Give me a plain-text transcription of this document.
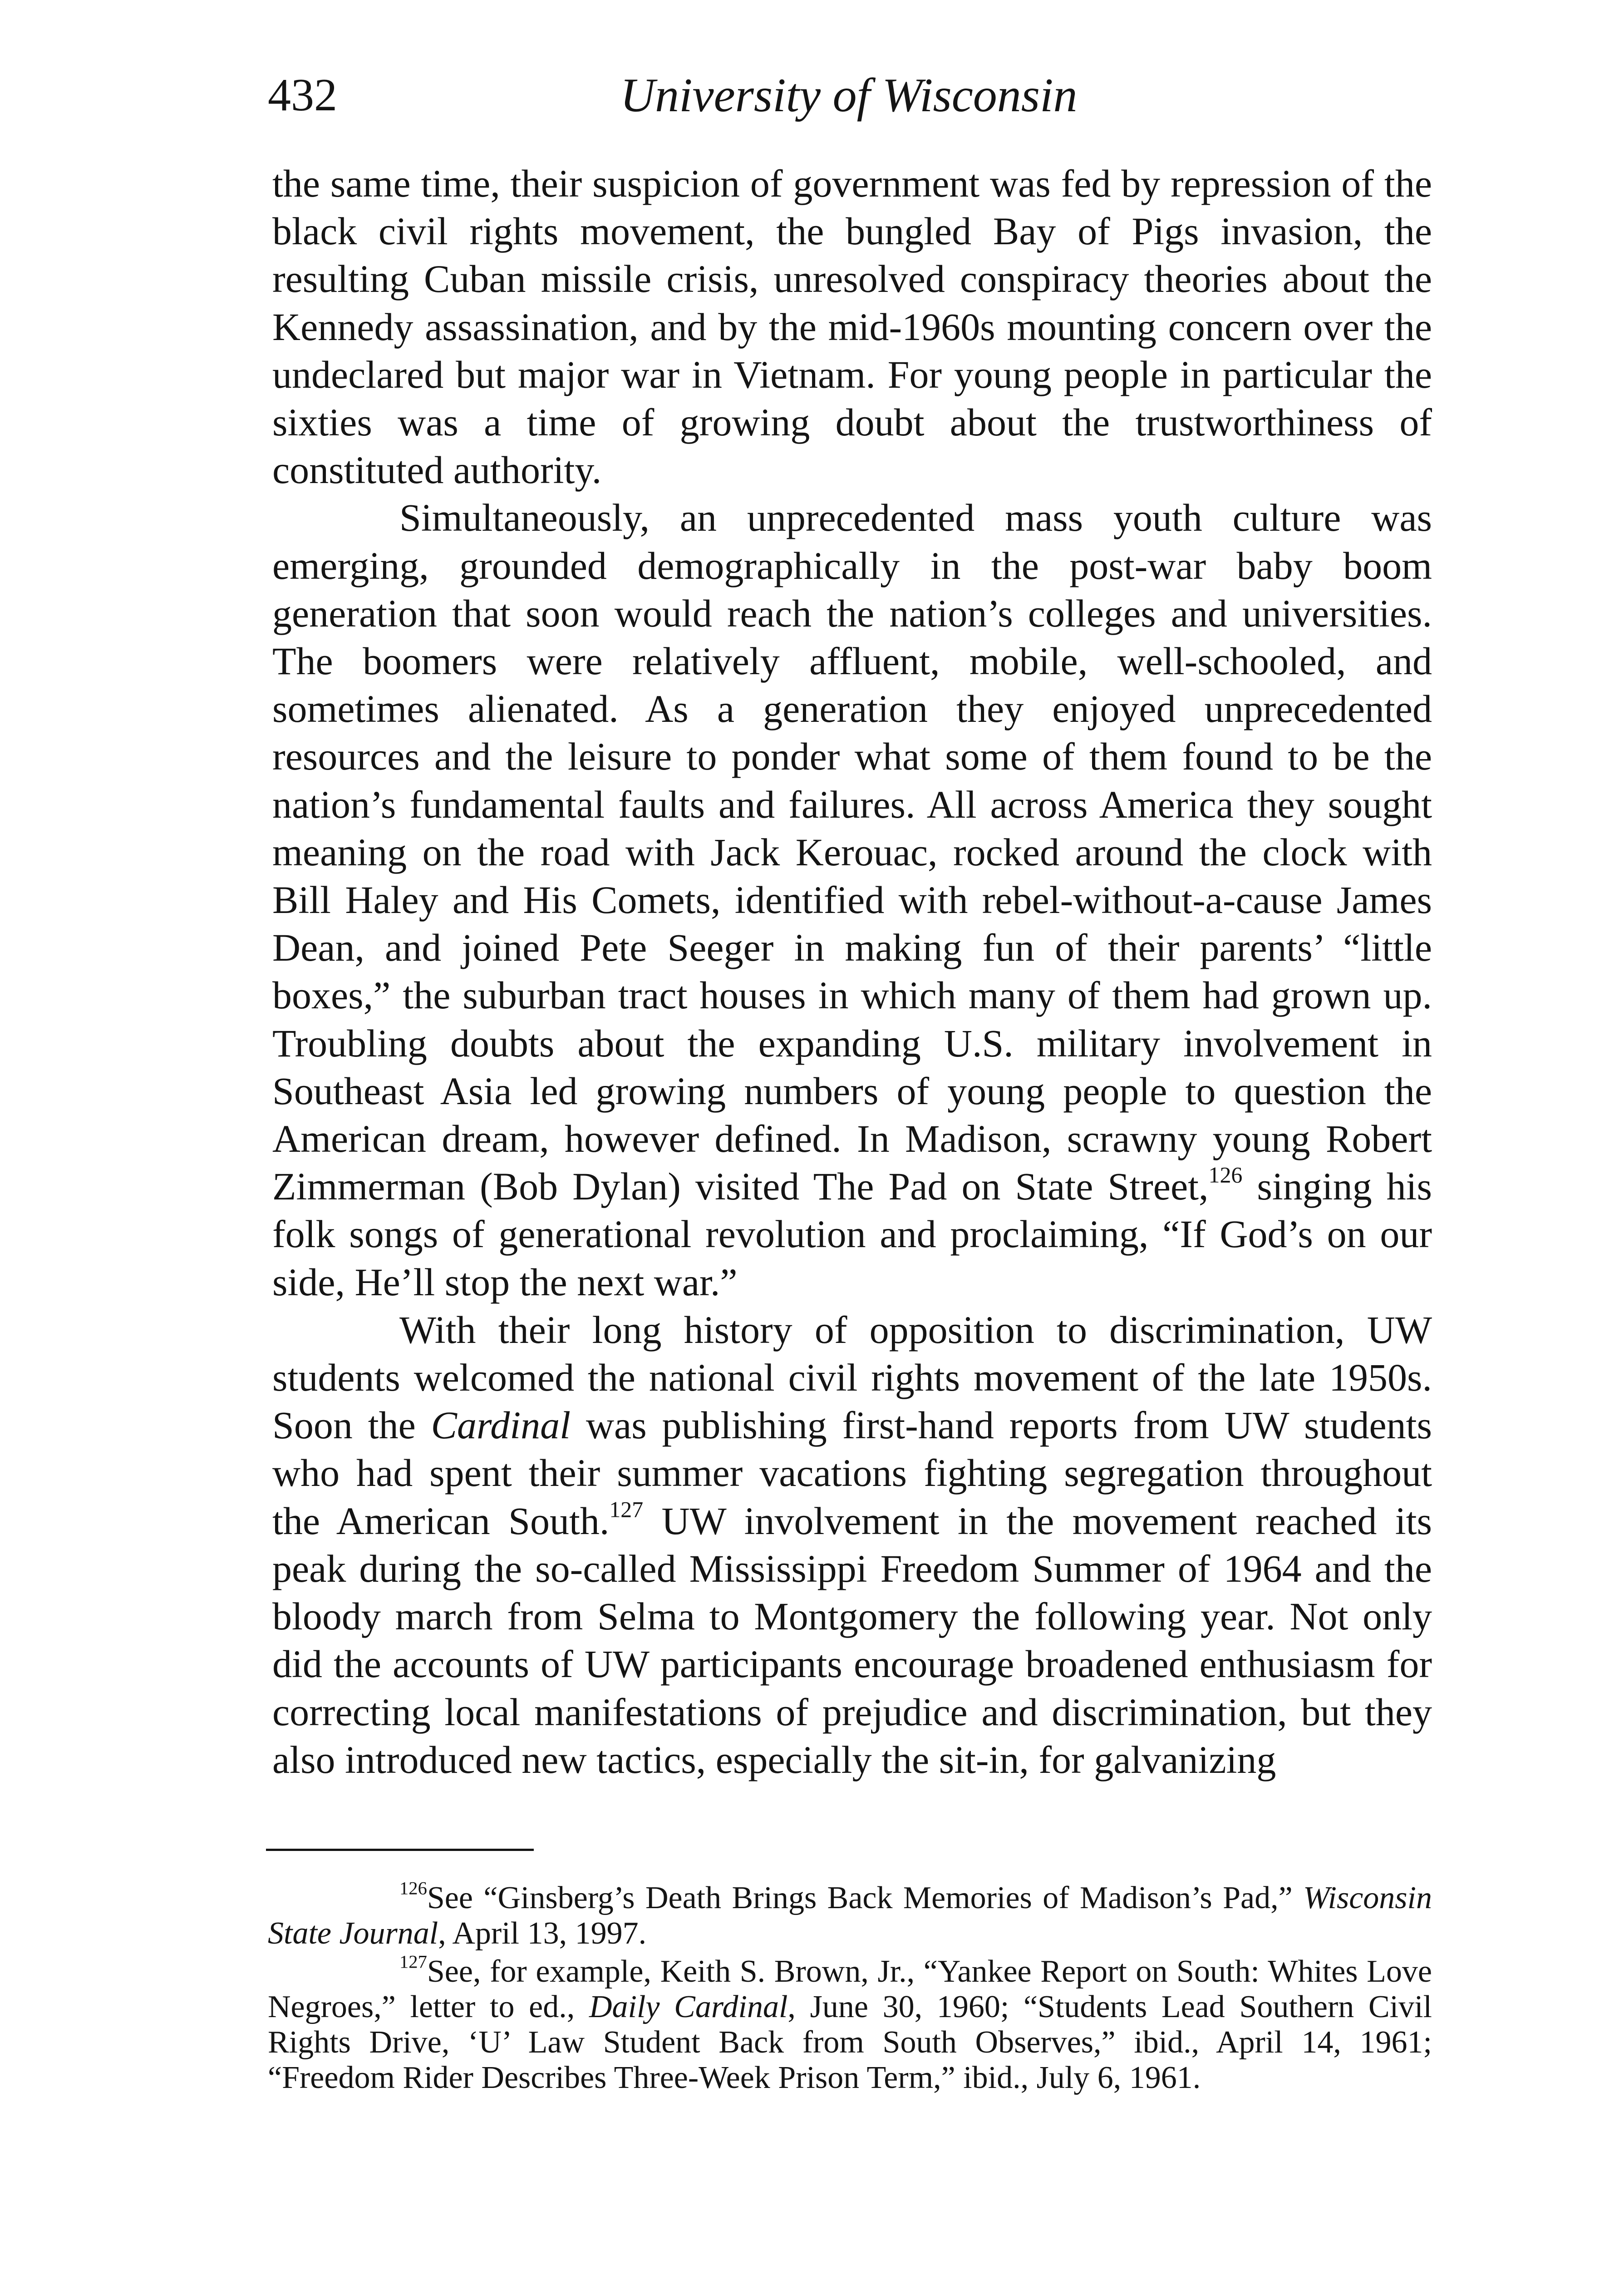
432	University of Wisconsin

the same time, their suspicion of government was fed by repression of the black civil rights movement, the bungled Bay of Pigs invasion, the resulting Cuban missile crisis, unresolved conspiracy theories about the Kennedy assassination, and by the mid-1960s mounting concern over the undeclared but major war in Vietnam. For young people in particular the sixties was a time of growing doubt about the trustworthiness of constituted authority.

Simultaneously, an unprecedented mass youth culture was emerging, grounded demographically in the post-war baby boom generation that soon would reach the nation’s colleges and universities. The boomers were relatively affluent, mobile, well-schooled, and sometimes alienated. As a generation they enjoyed unprecedented resources and the leisure to ponder what some of them found to be the nation’s fundamental faults and failures. All across America they sought meaning on the road with Jack Kerouac, rocked around the clock with Bill Haley and His Comets, identified with rebel-without-a-cause James Dean, and joined Pete Seeger in making fun of their parents’ “little boxes,” the suburban tract houses in which many of them had grown up. Troubling doubts about the expanding U.S. military involvement in Southeast Asia led growing numbers of young people to question the American dream, however defined. In Madison, scrawny young Robert Zimmerman (Bob Dylan) visited The Pad on State Street,$^{126}$ singing his folk songs of generational revolution and proclaiming, “If God’s on our side, He’ll stop the next war.”

With their long history of opposition to discrimination, UW students welcomed the national civil rights movement of the late 1950s. Soon the Cardinal was publishing first-hand reports from UW students who had spent their summer vacations fighting segregation throughout the American South.$^{127}$ UW involvement in the movement reached its peak during the so-called Mississippi Freedom Summer of 1964 and the bloody march from Selma to Montgomery the following year. Not only did the accounts of UW participants encourage broadened enthusiasm for correcting local manifestations of prejudice and discrimination, but they also introduced new tactics, especially the sit-in, for galvanizing

$^{126}$See “Ginsberg’s Death Brings Back Memories of Madison’s Pad,” Wisconsin State Journal, April 13, 1997.

$^{127}$See, for example, Keith S. Brown, Jr., “Yankee Report on South: Whites Love Negroes,” letter to ed., Daily Cardinal, June 30, 1960; “Students Lead Southern Civil Rights Drive, ‘U’ Law Student Back from South Observes,” ibid., April 14, 1961; “Freedom Rider Describes Three-Week Prison Term,” ibid., July 6, 1961.
